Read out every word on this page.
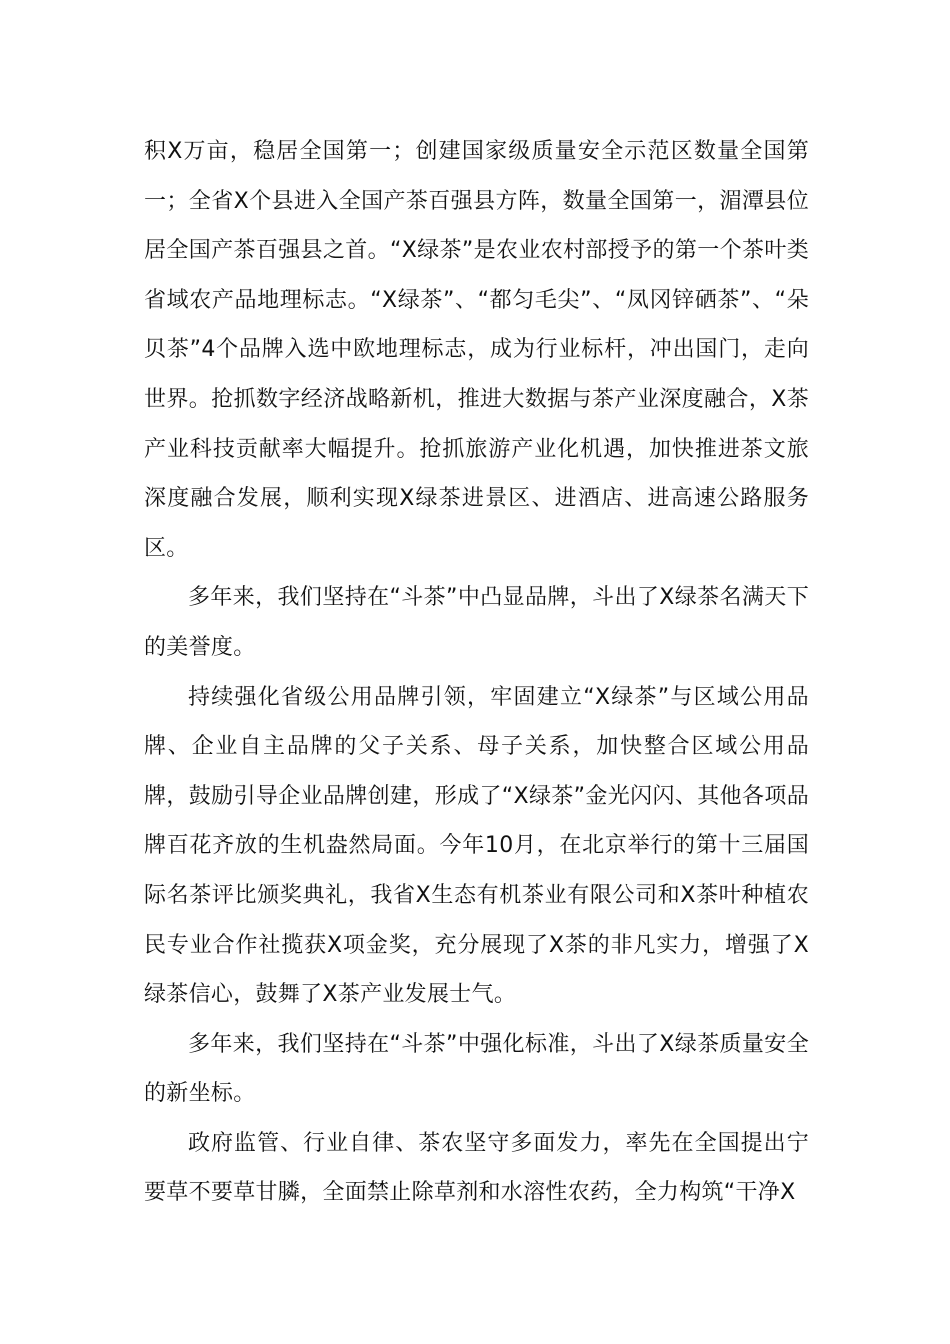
积X万亩，稳居全国第一；创建国家级质量安全示范区数量全国第一；全省X个县进入全国产茶百强县方阵，数量全国第一，湄潭县位居全国产茶百强县之首。“X绿茶”是农业农村部授予的第一个茶叶类省域农产品地理标志。“X绿茶”、“都匀毛尖”、“凤冈锌硒茶”、“朵贝茶”4个品牌入选中欧地理标志，成为行业标杆，冲出国门，走向世界。抢抓数字经济战略新机，推进大数据与茶产业深度融合，X茶产业科技贡献率大幅提升。抢抓旅游产业化机遇，加快推进茶文旅深度融合发展，顺利实现X绿茶进景区、进酒店、进高速公路服务区。

多年来，我们坚持在“斗茶”中凸显品牌，斗出了X绿茶名满天下的美誉度。

持续强化省级公用品牌引领，牢固建立“X绿茶”与区域公用品牌、企业自主品牌的父子关系、母子关系，加快整合区域公用品牌，鼓励引导企业品牌创建，形成了“X绿茶”金光闪闪、其他各项品牌百花齐放的生机盎然局面。今年10月，在北京举行的第十三届国际名茶评比颁奖典礼，我省X生态有机茶业有限公司和X茶叶种植农民专业合作社揽获X项金奖，充分展现了X茶的非凡实力，增强了X绿茶信心，鼓舞了X茶产业发展士气。

多年来，我们坚持在“斗茶”中强化标准，斗出了X绿茶质量安全的新坐标。

政府监管、行业自律、茶农坚守多面发力，率先在全国提出宁要草不要草甘膦，全面禁止除草剂和水溶性农药，全力构筑“干净X
